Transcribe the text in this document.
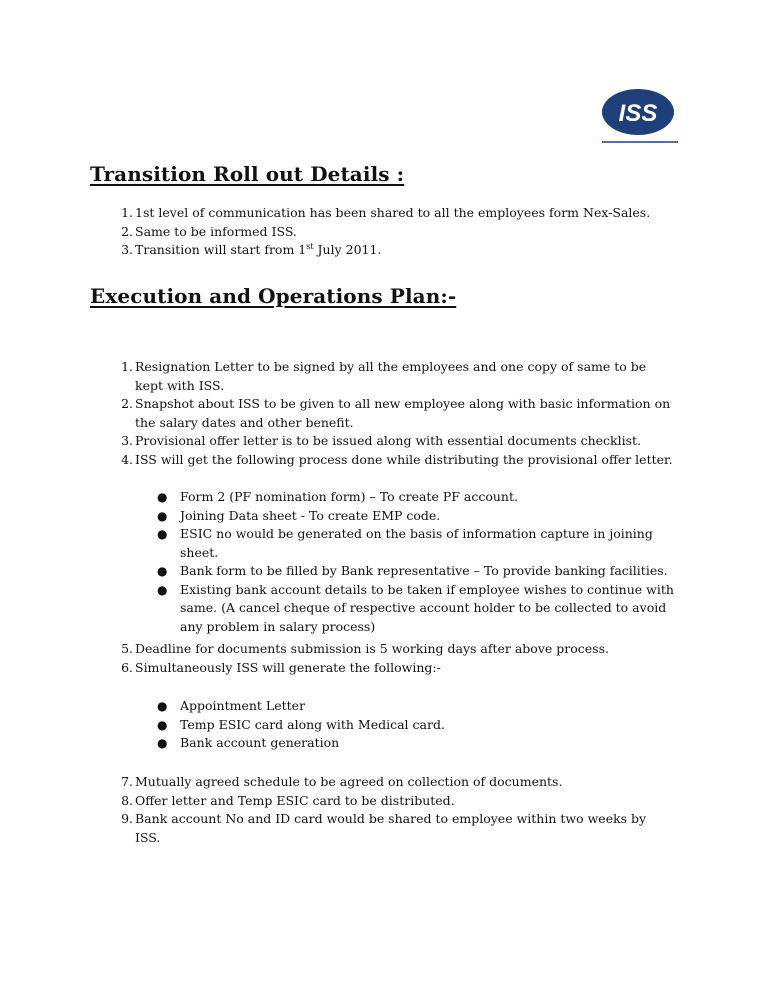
ISS
Transition Roll out Details :
1. 1st level of communication has been shared to all the employees form Nex-Sales.
2. Same to be informed ISS.
3. Transition will start from 1st July 2011.
Execution and Operations Plan:-
1. Resignation Letter to be signed by all the employees and one copy of same to be kept with ISS.
2. Snapshot about ISS to be given to all new employee along with basic information on the salary dates and other benefit.
3. Provisional offer letter is to be issued along with essential documents checklist.
4. ISS will get the following process done while distributing the provisional offer letter.
● Form 2 (PF nomination form) – To create PF account.
● Joining Data sheet - To create EMP code.
● ESIC no would be generated on the basis of information capture in joining sheet.
● Bank form to be filled by Bank representative – To provide banking facilities.
● Existing bank account details to be taken if employee wishes to continue with same. (A cancel cheque of respective account holder to be collected to avoid any problem in salary process)
5. Deadline for documents submission is 5 working days after above process.
6. Simultaneously ISS will generate the following:-
● Appointment Letter
● Temp ESIC card along with Medical card.
● Bank account generation
7. Mutually agreed schedule to be agreed on collection of documents.
8. Offer letter and Temp ESIC card to be distributed.
9. Bank account No and ID card would be shared to employee within two weeks by ISS.
